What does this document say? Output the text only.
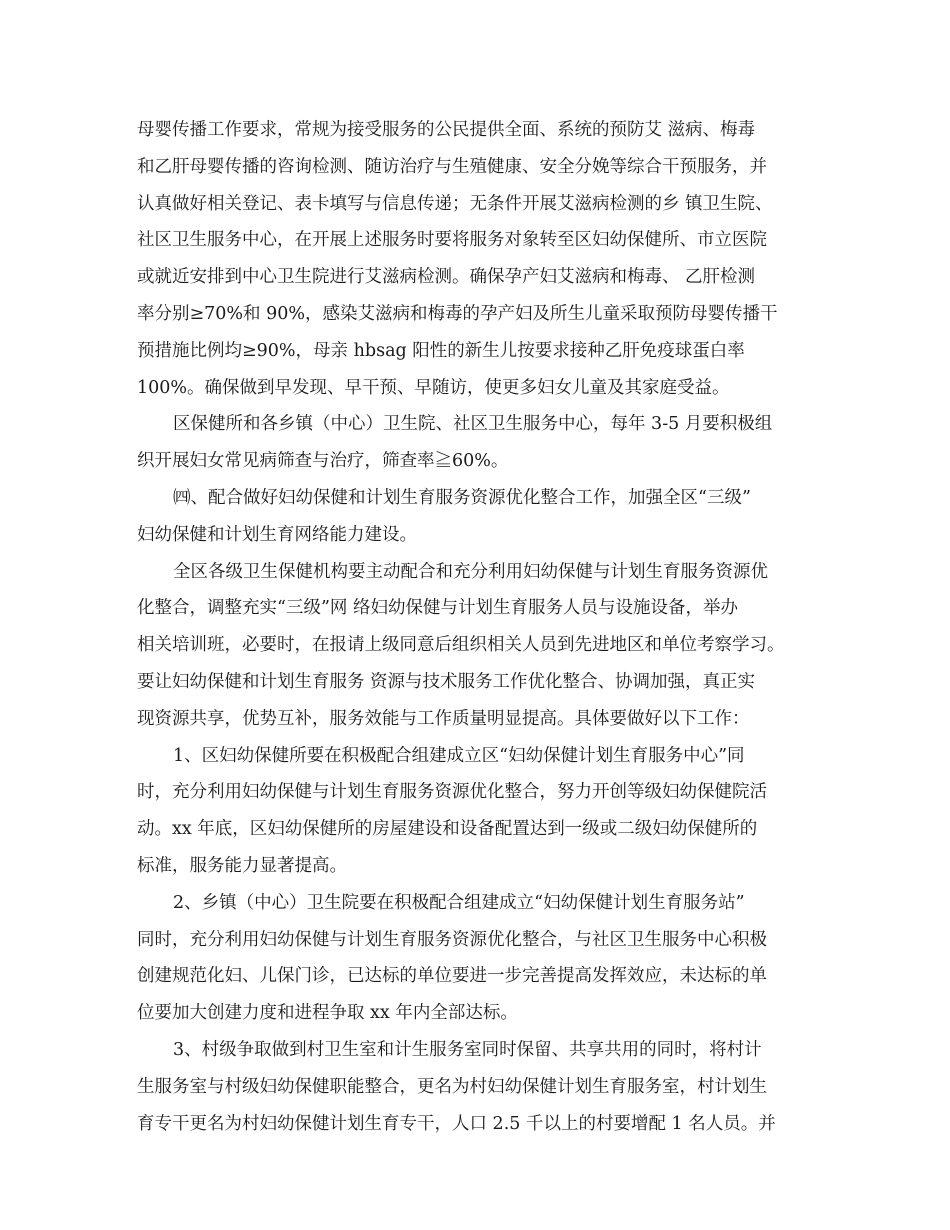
母婴传播工作要求，常规为接受服务的公民提供全面、系统的预防艾 滋病、梅毒
和乙肝母婴传播的咨询检测、随访治疗与生殖健康、安全分娩等综合干预服务，并
认真做好相关登记、表卡填写与信息传递；无条件开展艾滋病检测的乡 镇卫生院、
社区卫生服务中心，在开展上述服务时要将服务对象转至区妇幼保健所、市立医院
或就近安排到中心卫生院进行艾滋病检测。确保孕产妇艾滋病和梅毒、 乙肝检测
率分别≥70%和 90%，感染艾滋病和梅毒的孕产妇及所生儿童采取预防母婴传播干
预措施比例均≥90%，母亲 hbsag 阳性的新生儿按要求接种乙肝免疫球蛋白率
100%。确保做到早发现、早干预、早随访，使更多妇女儿童及其家庭受益。
区保健所和各乡镇（中心）卫生院、社区卫生服务中心，每年 3-5 月要积极组
织开展妇女常见病筛查与治疗，筛查率≧60%。
㈣、配合做好妇幼保健和计划生育服务资源优化整合工作，加强全区“三级”
妇幼保健和计划生育网络能力建设。
全区各级卫生保健机构要主动配合和充分利用妇幼保健与计划生育服务资源优
化整合，调整充实“三级”网 络妇幼保健与计划生育服务人员与设施设备，举办
相关培训班，必要时，在报请上级同意后组织相关人员到先进地区和单位考察学习。
要让妇幼保健和计划生育服务 资源与技术服务工作优化整合、协调加强，真正实
现资源共享，优势互补，服务效能与工作质量明显提高。具体要做好以下工作：
1、区妇幼保健所要在积极配合组建成立区“妇幼保健计划生育服务中心”同
时，充分利用妇幼保健与计划生育服务资源优化整合，努力开创等级妇幼保健院活
动。xx 年底，区妇幼保健所的房屋建设和设备配置达到一级或二级妇幼保健所的
标准，服务能力显著提高。
2、乡镇（中心）卫生院要在积极配合组建成立“妇幼保健计划生育服务站”
同时，充分利用妇幼保健与计划生育服务资源优化整合，与社区卫生服务中心积极
创建规范化妇、儿保门诊，已达标的单位要进一步完善提高发挥效应，未达标的单
位要加大创建力度和进程争取 xx 年内全部达标。
3、村级争取做到村卫生室和计生服务室同时保留、共享共用的同时，将村计
生服务室与村级妇幼保健职能整合，更名为村妇幼保健计划生育服务室，村计划生
育专干更名为村妇幼保健计划生育专干，人口 2.5 千以上的村要增配 1 名人员。并
